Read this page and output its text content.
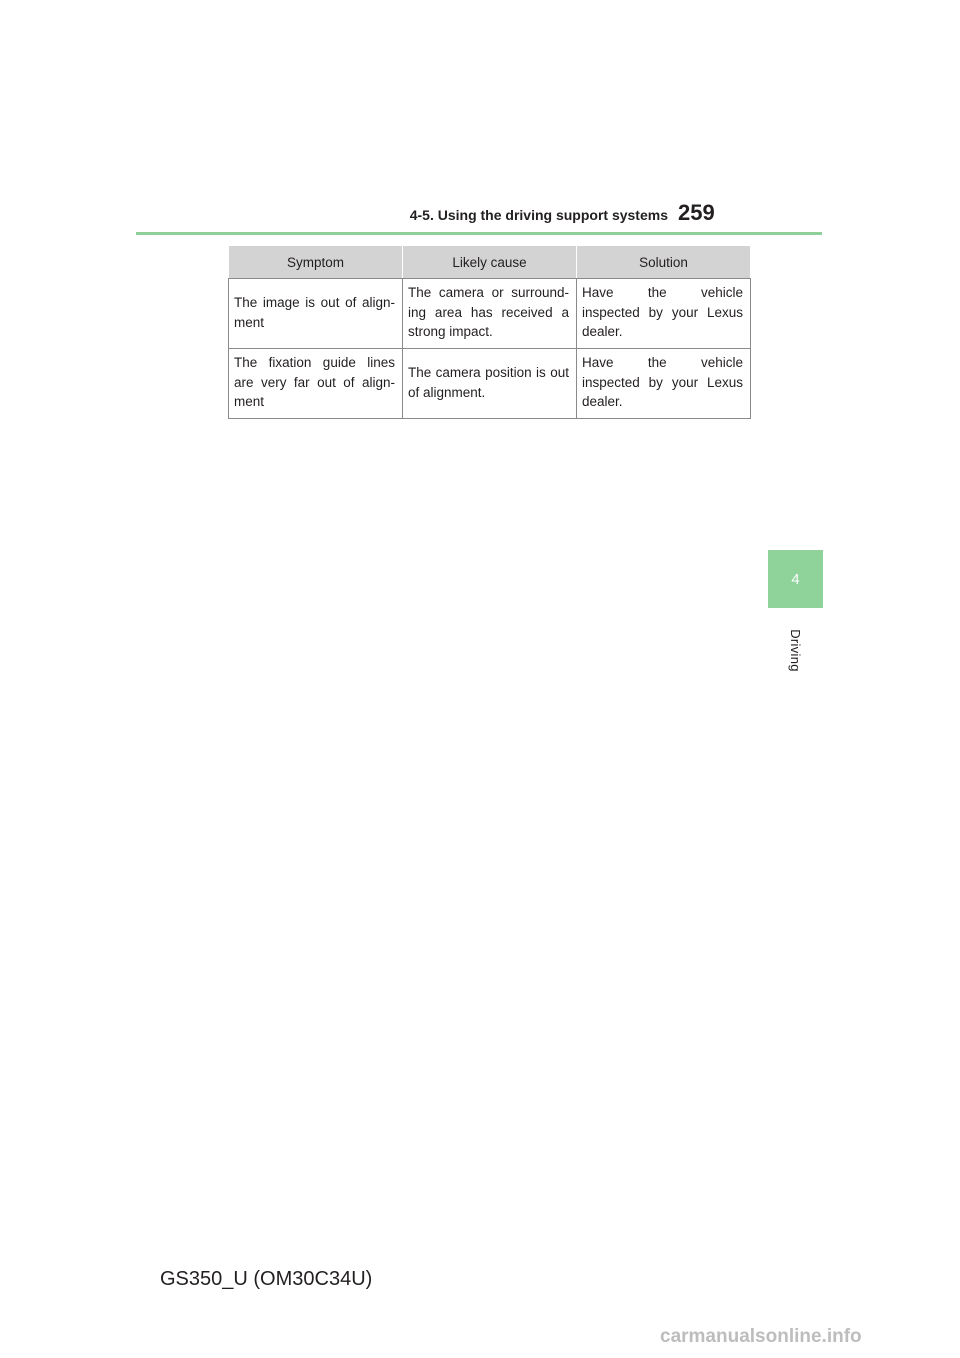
4-5. Using the driving support systems 259
4
Driving
Symptom	Likely cause	Solution
The image is out of align-ment	The camera or surround-ing area has received a strong impact.	Have the vehicle inspected by your Lexus dealer.
The fixation guide lines are very far out of align-ment	The camera position is out of alignment.	Have the vehicle inspected by your Lexus dealer.
GS350_U (OM30C34U)
carmanualsonline.info
